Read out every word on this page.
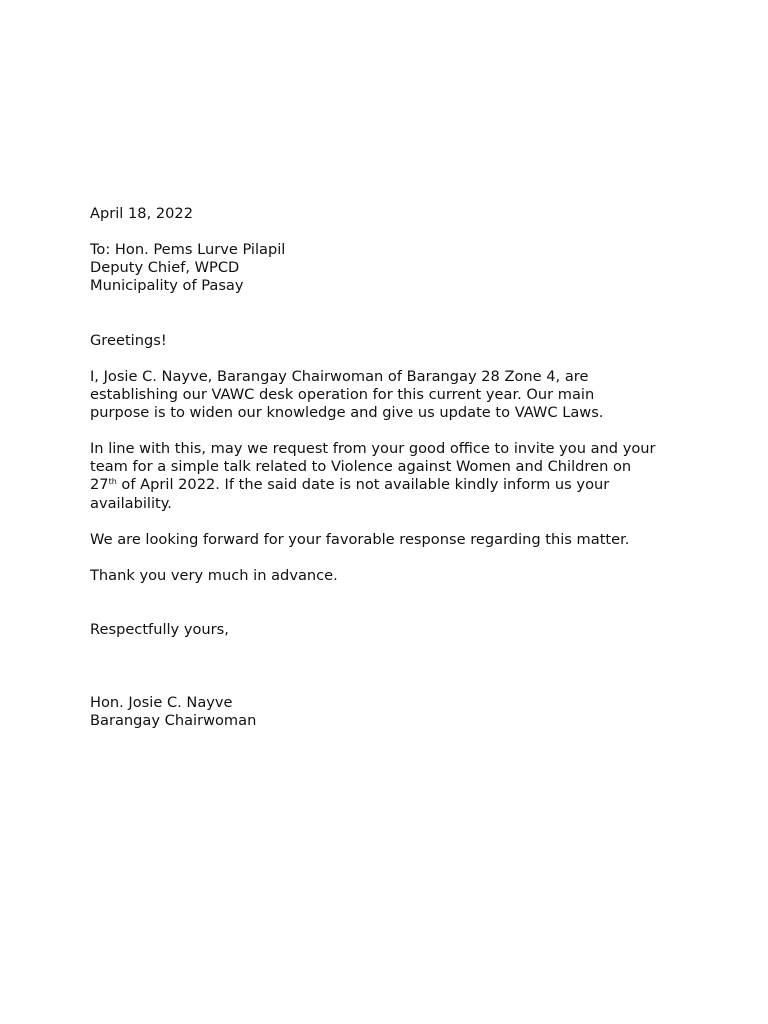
April 18, 2022
To: Hon. Pems Lurve Pilapil
Deputy Chief, WPCD
Municipality of Pasay
Greetings!
I, Josie C. Nayve, Barangay Chairwoman of Barangay 28 Zone 4, are
establishing our VAWC desk operation for this current year. Our main
purpose is to widen our knowledge and give us update to VAWC Laws.
In line with this, may we request from your good office to invite you and your
team for a simple talk related to Violence against Women and Children on
27th of April 2022. If the said date is not available kindly inform us your
availability.
We are looking forward for your favorable response regarding this matter.
Thank you very much in advance.
Respectfully yours,
Hon. Josie C. Nayve
Barangay Chairwoman
